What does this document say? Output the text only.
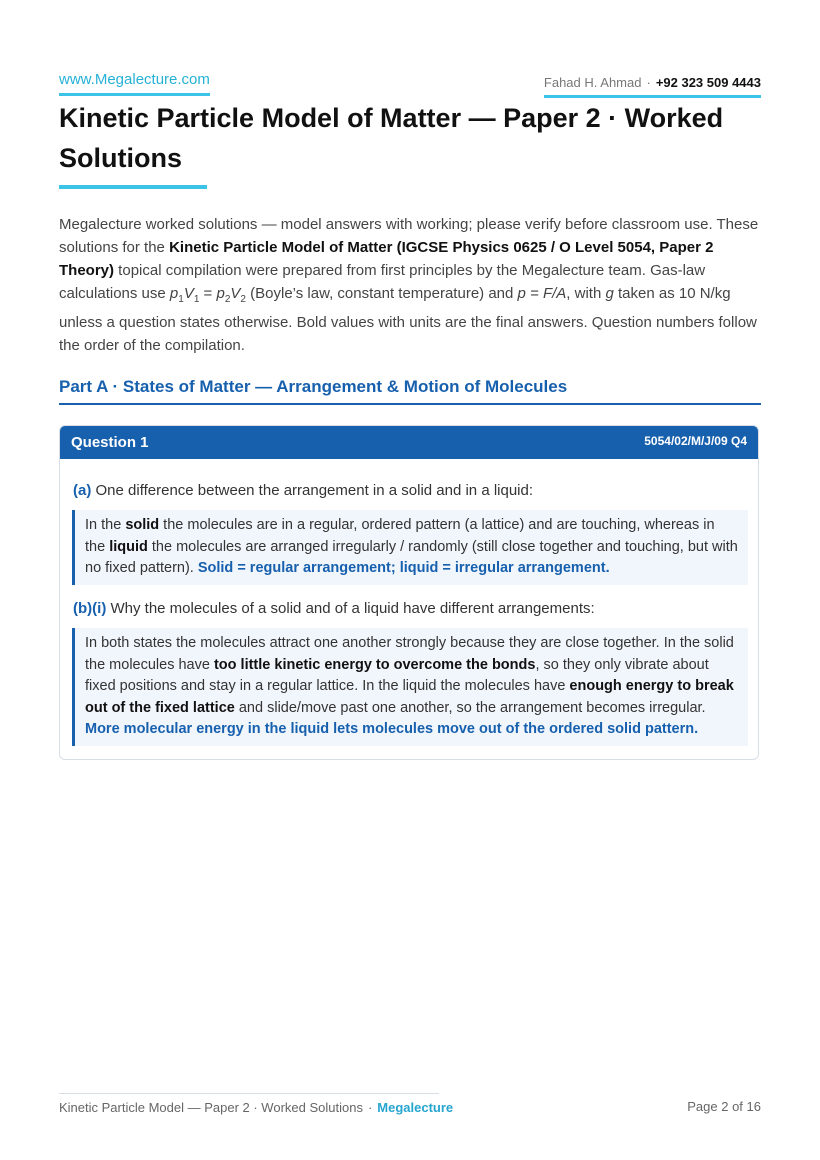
www.Megalecture.com	Fahad H. Ahmad · +92 323 509 4443
Kinetic Particle Model of Matter — Paper 2 · Worked Solutions

Megalecture worked solutions — model answers with working; please verify before classroom use. These solutions for the Kinetic Particle Model of Matter (IGCSE Physics 0625 / O Level 5054, Paper 2 Theory) topical compilation were prepared from first principles by the Megalecture team. Gas-law calculations use $p_1V_1 = p_2V_2$ (Boyle’s law, constant temperature) and p = F/A, with g taken as 10 N/kg unless a question states otherwise. Bold values with units are the final answers. Question numbers follow the order of the compilation.

Part A · States of Matter — Arrangement & Motion of Molecules
Question 1	5054/02/M/J/09 Q4

(a) One difference between the arrangement in a solid and in a liquid:

In the solid the molecules are in a regular, ordered pattern (a lattice) and are touching, whereas in the liquid the molecules are arranged irregularly / randomly (still close together and touching, but with no fixed pattern). Solid = regular arrangement; liquid = irregular arrangement.

(b)(i) Why the molecules of a solid and of a liquid have different arrangements:

In both states the molecules attract one another strongly because they are close together. In the solid the molecules have too little kinetic energy to overcome the bonds, so they only vibrate about fixed positions and stay in a regular lattice. In the liquid the molecules have enough energy to break out of the fixed lattice and slide/move past one another, so the arrangement becomes irregular. More molecular energy in the liquid lets molecules move out of the ordered solid pattern.
Kinetic Particle Model — Paper 2 · Worked Solutions · Megalecture	Page 2 of 16
